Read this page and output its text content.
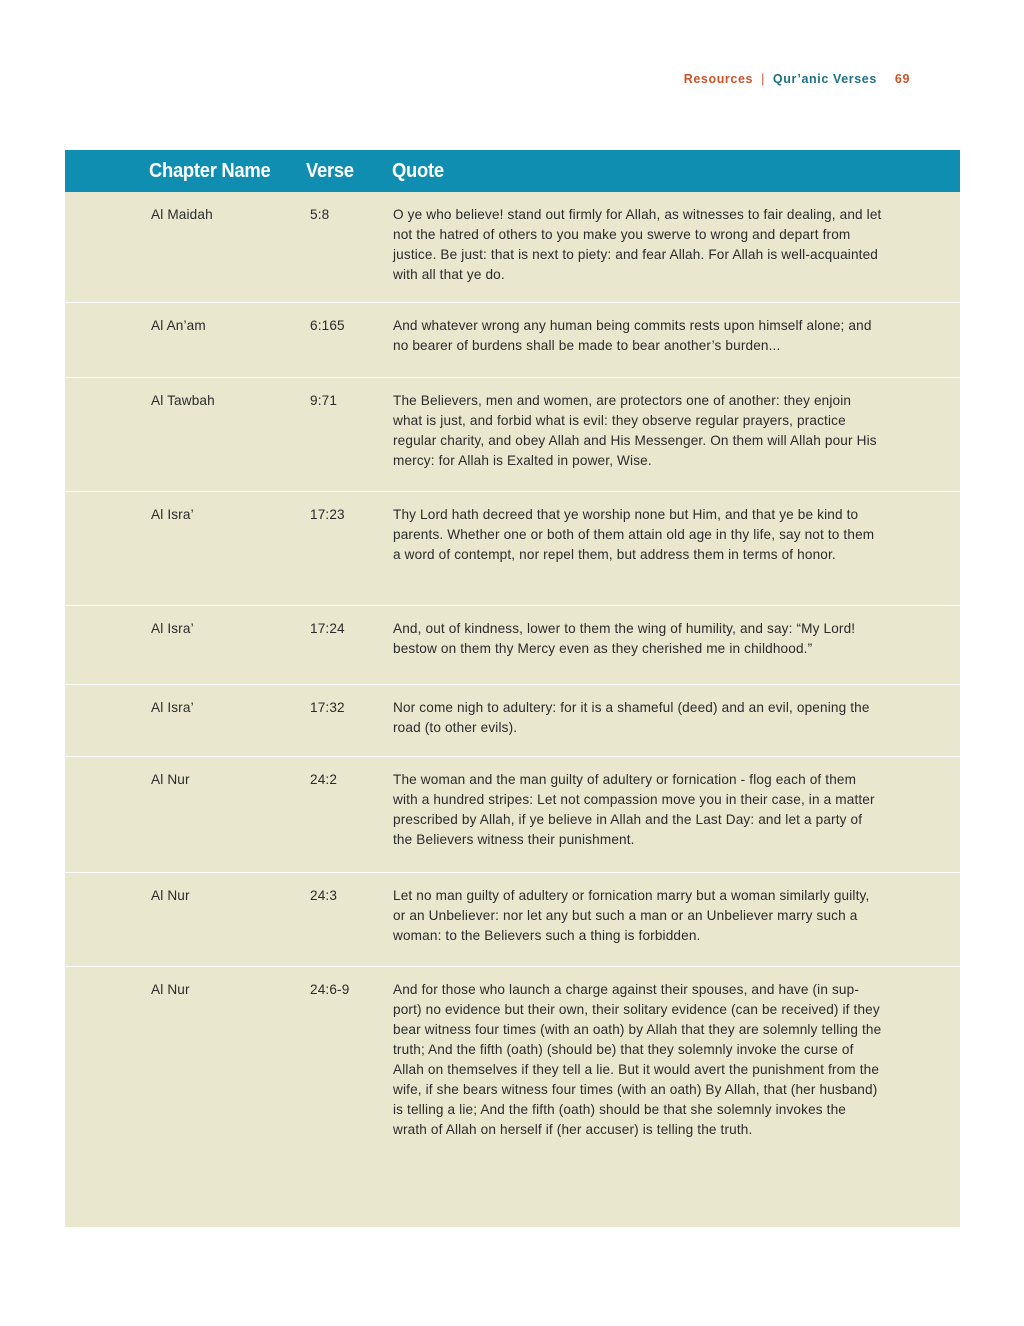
Resources | Qur’anic Verses 69
Chapter Name Verse Quote
Al Maidah	5:8	O ye who believe! stand out firmly for Allah, as witnesses to fair dealing, and let not the hatred of others to you make you swerve to wrong and depart from justice. Be just: that is next to piety: and fear Allah. For Allah is well-acquainted with all that ye do.
Al An’am	6:165	And whatever wrong any human being commits rests upon himself alone; and no bearer of burdens shall be made to bear another’s burden...
Al Tawbah	9:71	The Believers, men and women, are protectors one of another: they enjoin what is just, and forbid what is evil: they observe regular prayers, practice regular charity, and obey Allah and His Messenger. On them will Allah pour His mercy: for Allah is Exalted in power, Wise.
Al Isra’	17:23	Thy Lord hath decreed that ye worship none but Him, and that ye be kind to parents. Whether one or both of them attain old age in thy life, say not to them a word of contempt, nor repel them, but address them in terms of honor.
Al Isra’	17:24	And, out of kindness, lower to them the wing of humility, and say: “My Lord! bestow on them thy Mercy even as they cherished me in childhood.”
Al Isra’	17:32	Nor come nigh to adultery: for it is a shameful (deed) and an evil, opening the road (to other evils).
Al Nur	24:2	The woman and the man guilty of adultery or fornication - flog each of them with a hundred stripes: Let not compassion move you in their case, in a matter prescribed by Allah, if ye believe in Allah and the Last Day: and let a party of the Believers witness their punishment.
Al Nur	24:3	Let no man guilty of adultery or fornication marry but a woman similarly guilty, or an Unbeliever: nor let any but such a man or an Unbeliever marry such a woman: to the Believers such a thing is forbidden.
Al Nur	24:6-9	And for those who launch a charge against their spouses, and have (in sup-port) no evidence but their own, their solitary evidence (can be received) if they bear witness four times (with an oath) by Allah that they are solemnly telling the truth; And the fifth (oath) (should be) that they solemnly invoke the curse of Allah on themselves if they tell a lie. But it would avert the punishment from the wife, if she bears witness four times (with an oath) By Allah, that (her husband) is telling a lie; And the fifth (oath) should be that she solemnly invokes the wrath of Allah on herself if (her accuser) is telling the truth.
